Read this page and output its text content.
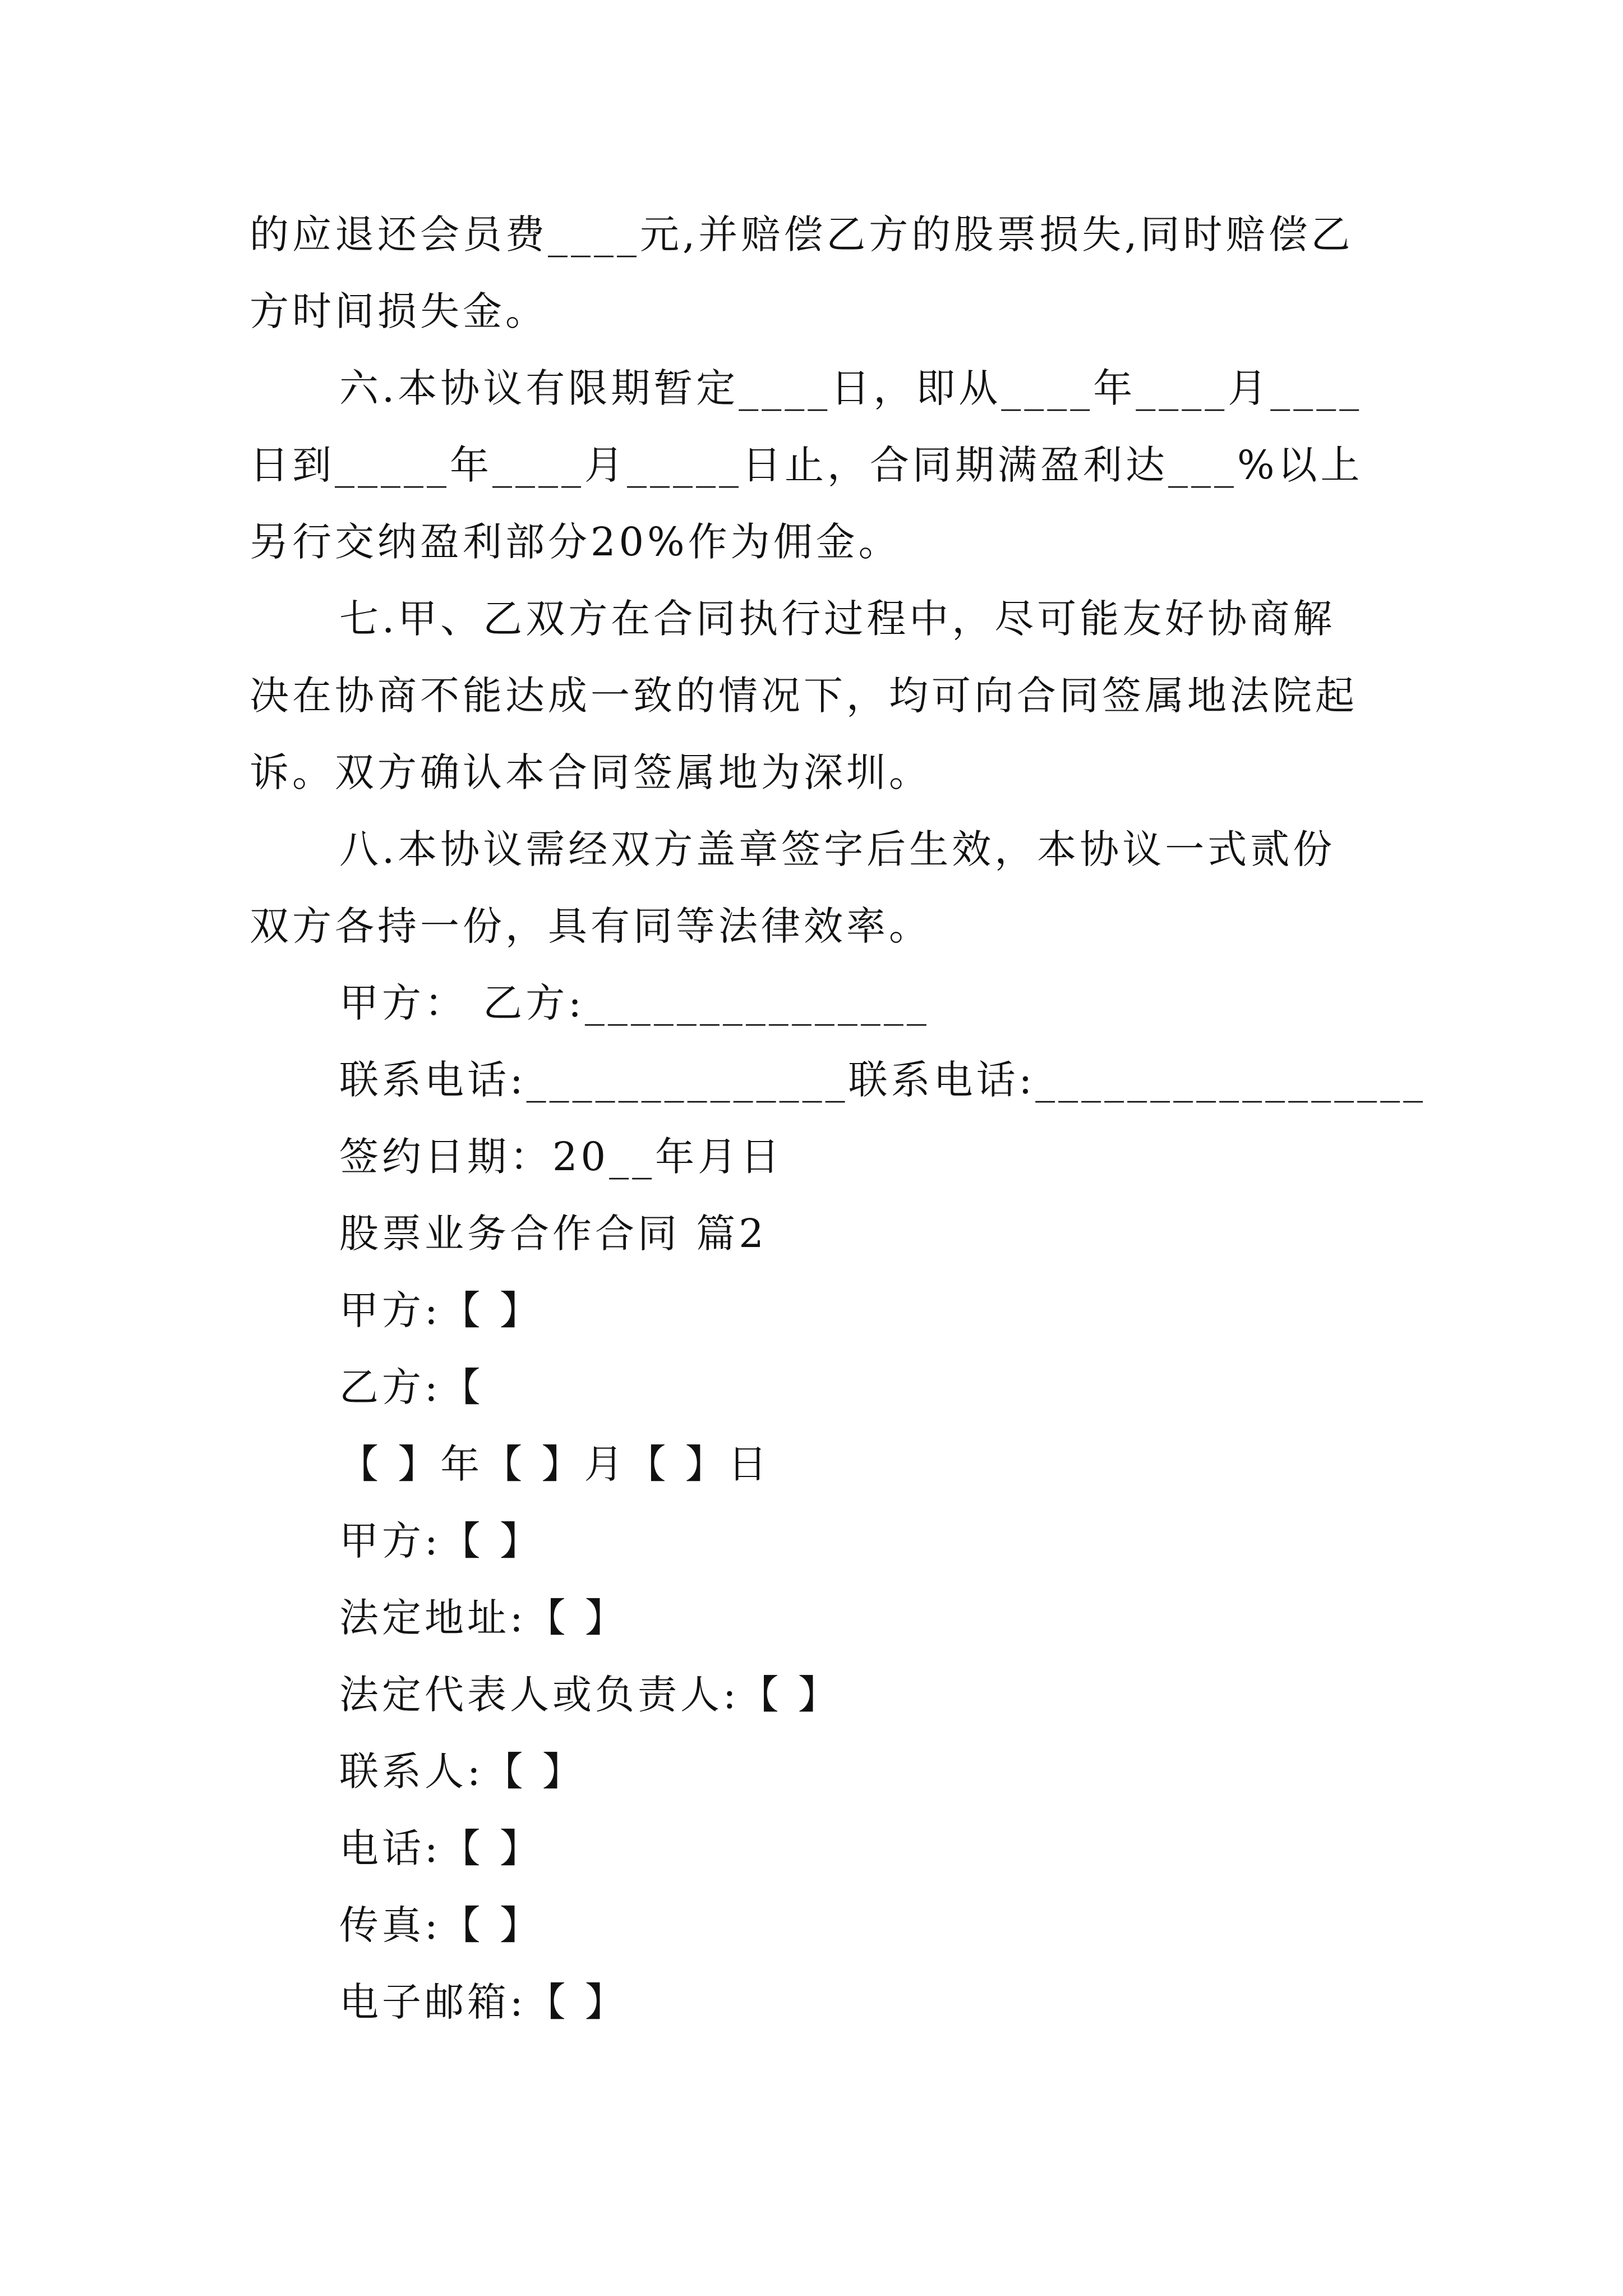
的应退还会员费____元,并赔偿乙方的股票损失,同时赔偿乙

方时间损失金。

六.本协议有限期暂定____日，即从____年____月____

日到_____年____月_____日止，合同期满盈利达___%以上

另行交纳盈利部分20%作为佣金。

七.甲、乙双方在合同执行过程中，尽可能友好协商解

决在协商不能达成一致的情况下，均可向合同签属地法院起

诉。双方确认本合同签属地为深圳。

八.本协议需经双方盖章签字后生效，本协议一式贰份

双方各持一份，具有同等法律效率。

甲方： 乙方:_______________

联系电话:______________联系电话:_________________

签约日期：20__年月日

股票业务合作合同 篇2

甲方:【 】

乙方:【

【 】年【 】月【 】日

甲方:【 】

法定地址:【 】

法定代表人或负责人:【 】

联系人:【 】

电话:【 】

传真:【 】

电子邮箱:【 】
